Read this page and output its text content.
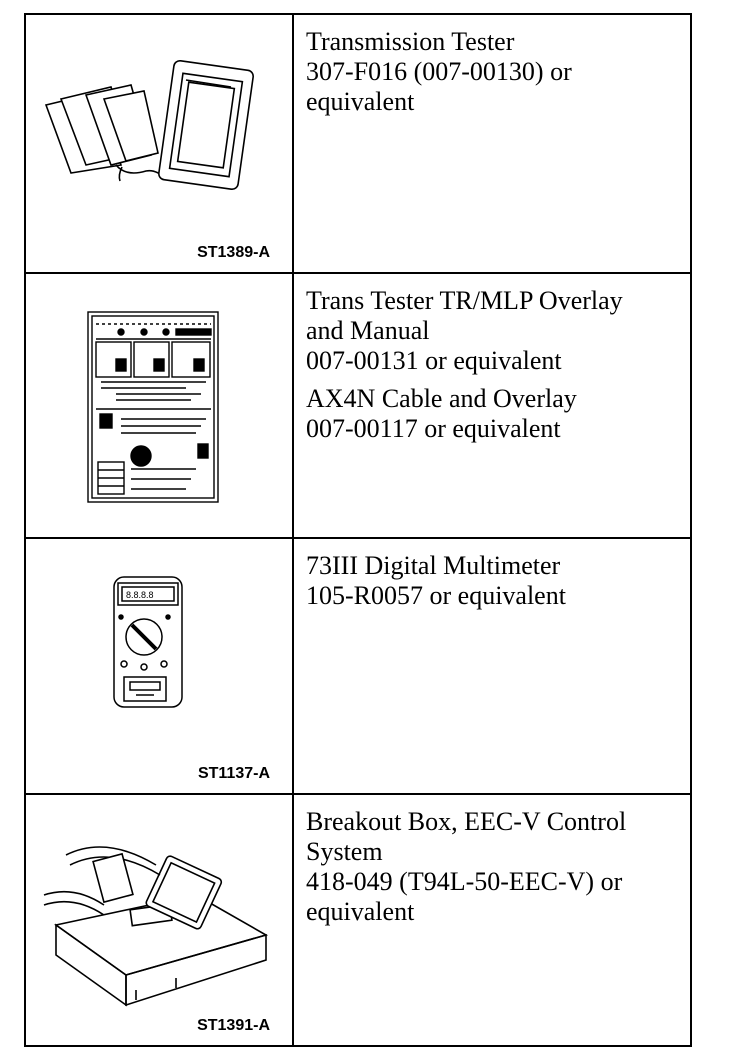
ST1389-A
Transmission Tester
307-F016 (007-00130) or
equivalent
Trans Tester TR/MLP Overlay
and Manual
007-00131 or equivalent
AX4N Cable and Overlay
007-00117 or equivalent
8.8.8.8
ST1137-A
73III Digital Multimeter
105-R0057 or equivalent
ST1391-A
Breakout Box, EEC-V Control
System
418-049 (T94L-50-EEC-V) or
equivalent
